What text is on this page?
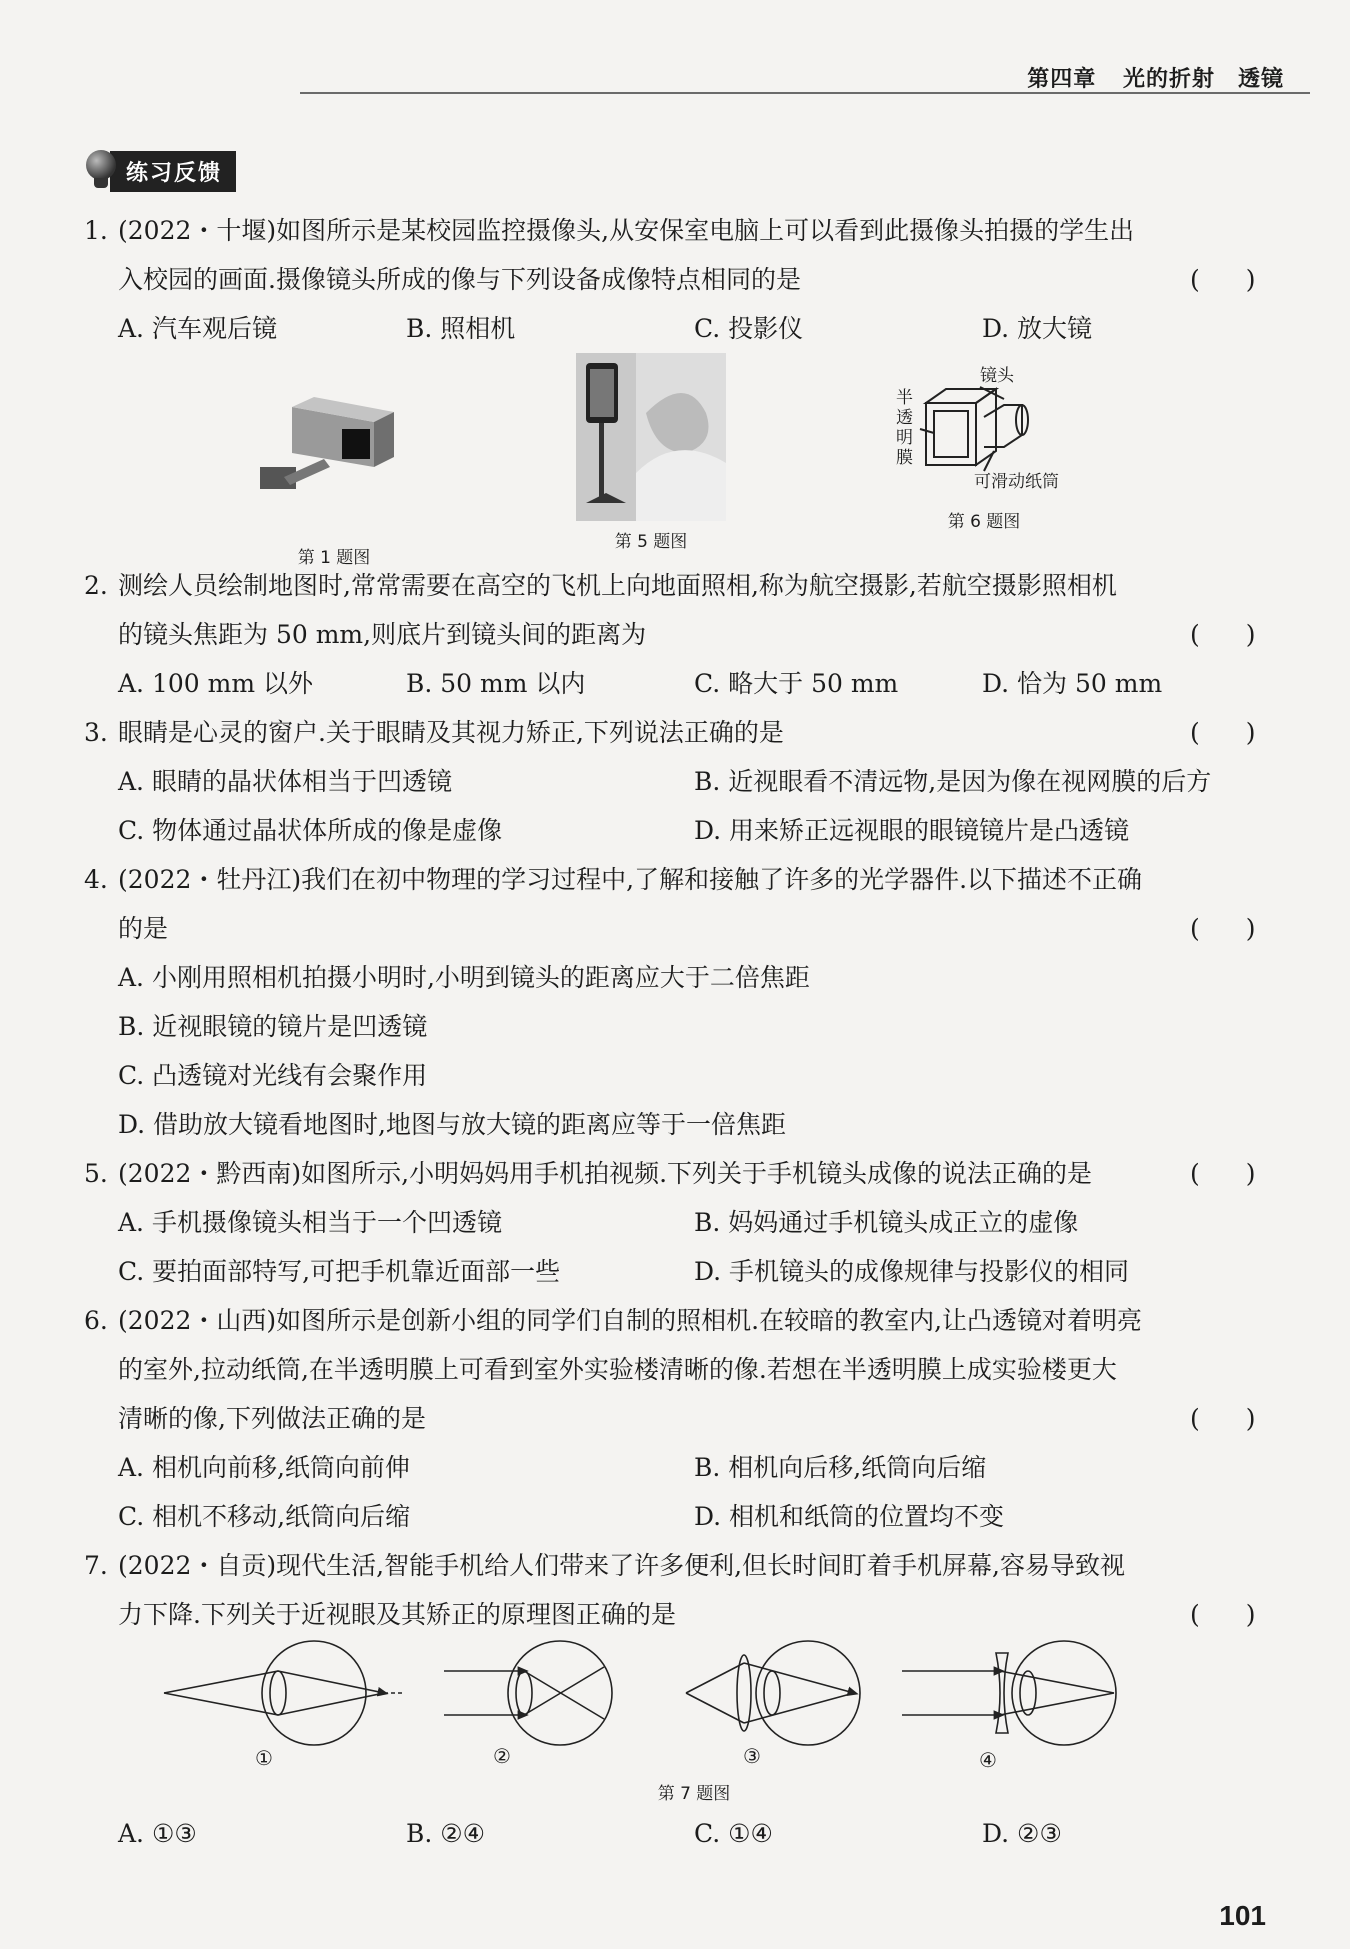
第四章 光的折射　透镜
练习反馈
1. (2022・十堰)如图所示是某校园监控摄像头,从安保室电脑上可以看到此摄像头拍摄的学生出
入校园的画面.摄像镜头所成的像与下列设备成像特点相同的是
( )
A. 汽车观后镜	B. 照相机	C. 投影仪	D. 放大镜
第 1 题图
第 5 题图
镜头
半
透
明
膜
可滑动纸筒
第 6 题图
2. 测绘人员绘制地图时,常常需要在高空的飞机上向地面照相,称为航空摄影,若航空摄影照相机
的镜头焦距为 50 mm,则底片到镜头间的距离为
( )
A. 100 mm 以外	B. 50 mm 以内	C. 略大于 50 mm	D. 恰为 50 mm
3. 眼睛是心灵的窗户.关于眼睛及其视力矫正,下列说法正确的是
( )
A. 眼睛的晶状体相当于凹透镜	B. 近视眼看不清远物,是因为像在视网膜的后方
C. 物体通过晶状体所成的像是虚像	D. 用来矫正远视眼的眼镜镜片是凸透镜
4. (2022・牡丹江)我们在初中物理的学习过程中,了解和接触了许多的光学器件.以下描述不正确
的是
( )
A. 小刚用照相机拍摄小明时,小明到镜头的距离应大于二倍焦距
B. 近视眼镜的镜片是凹透镜
C. 凸透镜对光线有会聚作用
D. 借助放大镜看地图时,地图与放大镜的距离应等于一倍焦距
5. (2022・黔西南)如图所示,小明妈妈用手机拍视频.下列关于手机镜头成像的说法正确的是
( )
A. 手机摄像镜头相当于一个凹透镜	B. 妈妈通过手机镜头成正立的虚像
C. 要拍面部特写,可把手机靠近面部一些	D. 手机镜头的成像规律与投影仪的相同
6. (2022・山西)如图所示是创新小组的同学们自制的照相机.在较暗的教室内,让凸透镜对着明亮
的室外,拉动纸筒,在半透明膜上可看到室外实验楼清晰的像.若想在半透明膜上成实验楼更大
清晰的像,下列做法正确的是
( )
A. 相机向前移,纸筒向前伸	B. 相机向后移,纸筒向后缩
C. 相机不移动,纸筒向后缩	D. 相机和纸筒的位置均不变
7. (2022・自贡)现代生活,智能手机给人们带来了许多便利,但长时间盯着手机屏幕,容易导致视
力下降.下列关于近视眼及其矫正的原理图正确的是
( )
①	②	③	④
第 7 题图
A. ①③	B. ②④	C. ①④	D. ②③
101
